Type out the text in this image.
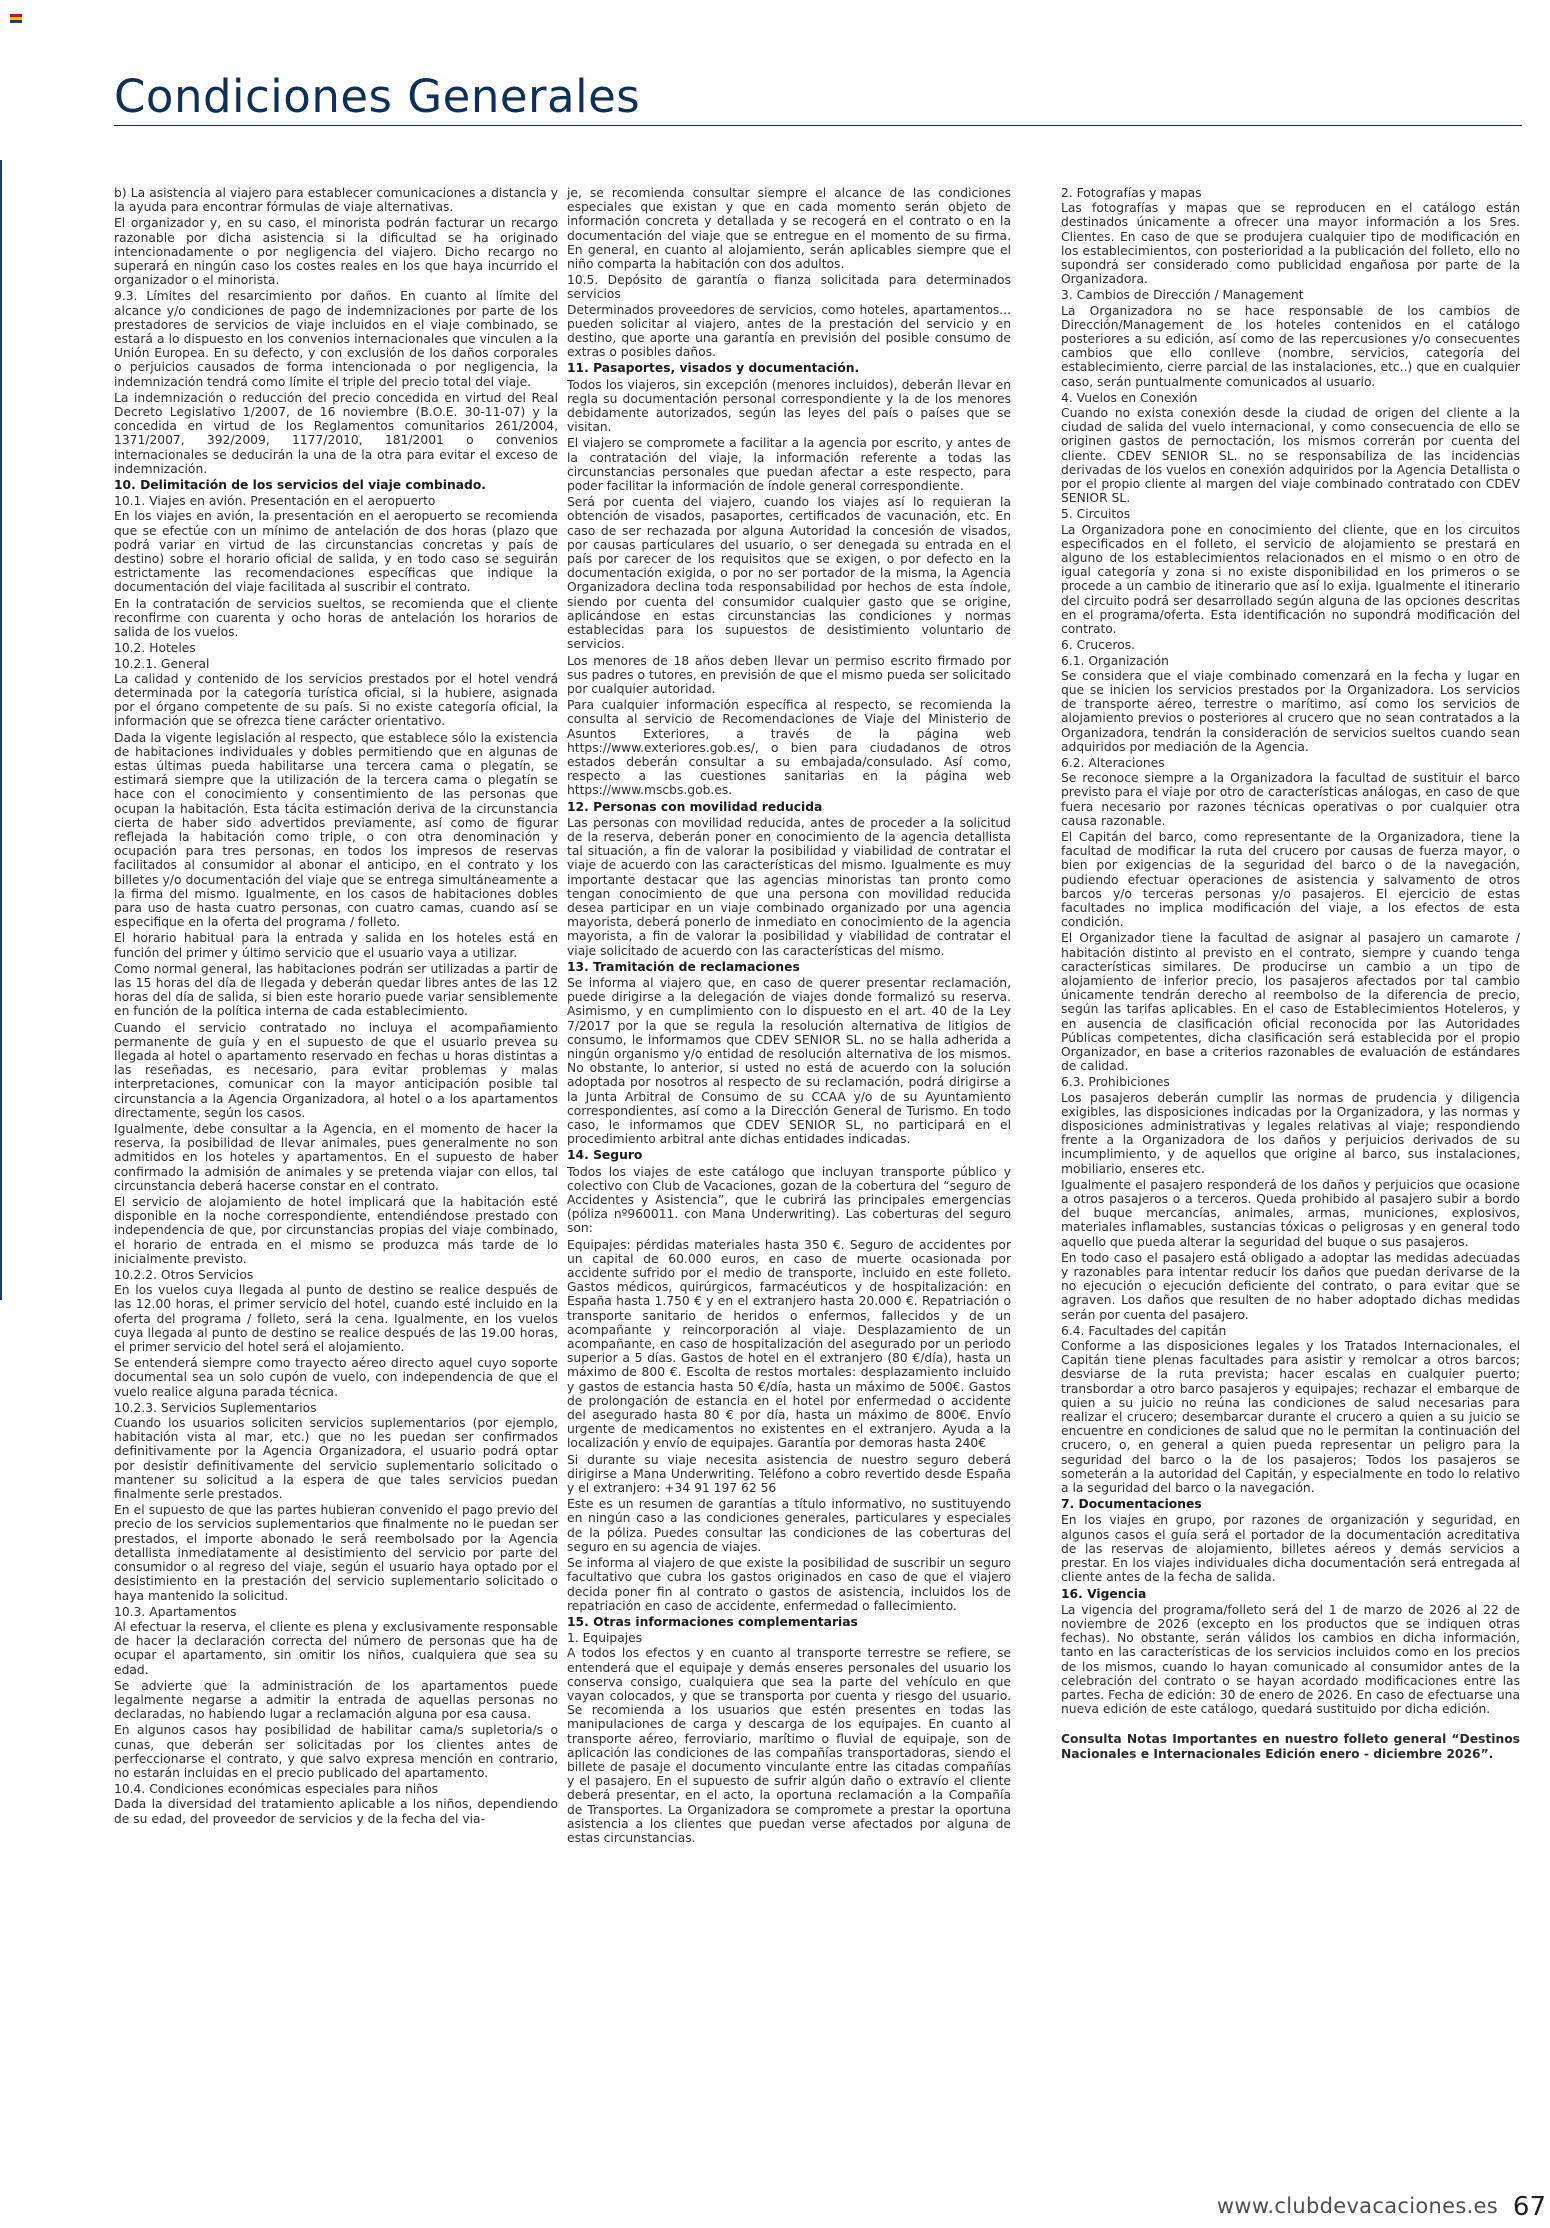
Condiciones Generales

b) La asistencia al viajero para establecer comunicaciones a distancia y la ayuda para encontrar fórmulas de viaje alternativas.

El organizador y, en su caso, el minorista podrán facturar un recargo razonable por dicha asistencia si la dificultad se ha originado intencionadamente o por negligencia del viajero. Dicho recargo no superará en ningún caso los costes reales en los que haya incurrido el organizador o el minorista.

9.3. Límites del resarcimiento por daños. En cuanto al límite del alcance y/o condiciones de pago de indemnizaciones por parte de los prestadores de servicios de viaje incluidos en el viaje combinado, se estará a lo dispuesto en los convenios internacionales que vinculen a la Unión Europea. En su defecto, y con exclusión de los daños corporales o perjuicios causados de forma intencionada o por negligencia, la indemnización tendrá como límite el triple del precio total del viaje.

La indemnización o reducción del precio concedida en virtud del Real Decreto Legislativo 1/2007, de 16 noviembre (B.O.E. 30-11-07) y la concedida en virtud de los Reglamentos comunitarios 261/2004, 1371/2007, 392/2009, 1177/2010, 181/2001 o convenios internacionales se deducirán la una de la otra para evitar el exceso de indemnización.

10. Delimitación de los servicios del viaje combinado.

10.1. Viajes en avión. Presentación en el aeropuerto

En los viajes en avión, la presentación en el aeropuerto se recomienda que se efectúe con un mínimo de antelación de dos horas (plazo que podrá variar en virtud de las circunstancias concretas y país de destino) sobre el horario oficial de salida, y en todo caso se seguirán estrictamente las recomendaciones específicas que indique la documentación del viaje facilitada al suscribir el contrato.

En la contratación de servicios sueltos, se recomienda que el cliente reconfirme con cuarenta y ocho horas de antelación los horarios de salida de los vuelos.

10.2. Hoteles

10.2.1. General

La calidad y contenido de los servicios prestados por el hotel vendrá determinada por la categoría turística oficial, si la hubiere, asignada por el órgano competente de su país. Si no existe categoría oficial, la información que se ofrezca tiene carácter orientativo.

Dada la vigente legislación al respecto, que establece sólo la existencia de habitaciones individuales y dobles permitiendo que en algunas de estas últimas pueda habilitarse una tercera cama o plegatín, se estimará siempre que la utilización de la tercera cama o plegatín se hace con el conocimiento y consentimiento de las personas que ocupan la habitación. Esta tácita estimación deriva de la circunstancia cierta de haber sido advertidos previamente, así como de figurar reflejada la habitación como triple, o con otra denominación y ocupación para tres personas, en todos los impresos de reservas facilitados al consumidor al abonar el anticipo, en el contrato y los billetes y/o documentación del viaje que se entrega simultáneamente a la firma del mismo. Igualmente, en los casos de habitaciones dobles para uso de hasta cuatro personas, con cuatro camas, cuando así se especifique en la oferta del programa / folleto.

El horario habitual para la entrada y salida en los hoteles está en función del primer y último servicio que el usuario vaya a utilizar.

Como normal general, las habitaciones podrán ser utilizadas a partir de las 15 horas del día de llegada y deberán quedar libres antes de las 12 horas del día de salida, si bien este horario puede variar sensiblemente en función de la política interna de cada establecimiento.

Cuando el servicio contratado no incluya el acompañamiento permanente de guía y en el supuesto de que el usuario prevea su llegada al hotel o apartamento reservado en fechas u horas distintas a las reseñadas, es necesario, para evitar problemas y malas interpretaciones, comunicar con la mayor anticipación posible tal circunstancia a la Agencia Organizadora, al hotel o a los apartamentos directamente, según los casos.

Igualmente, debe consultar a la Agencia, en el momento de hacer la reserva, la posibilidad de llevar animales, pues generalmente no son admitidos en los hoteles y apartamentos. En el supuesto de haber confirmado la admisión de animales y se pretenda viajar con ellos, tal circunstancia deberá hacerse constar en el contrato.

El servicio de alojamiento de hotel implicará que la habitación esté disponible en la noche correspondiente, entendiéndose prestado con independencia de que, por circunstancias propias del viaje combinado, el horario de entrada en el mismo se produzca más tarde de lo inicialmente previsto.

10.2.2. Otros Servicios

En los vuelos cuya llegada al punto de destino se realice después de las 12.00 horas, el primer servicio del hotel, cuando esté incluido en la oferta del programa / folleto, será la cena. Igualmente, en los vuelos cuya llegada al punto de destino se realice después de las 19.00 horas, el primer servicio del hotel será el alojamiento.

Se entenderá siempre como trayecto aéreo directo aquel cuyo soporte documental sea un solo cupón de vuelo, con independencia de que el vuelo realice alguna parada técnica.

10.2.3. Servicios Suplementarios

Cuando los usuarios soliciten servicios suplementarios (por ejemplo, habitación vista al mar, etc.) que no les puedan ser confirmados definitivamente por la Agencia Organizadora, el usuario podrá optar por desistir definitivamente del servicio suplementario solicitado o mantener su solicitud a la espera de que tales servicios puedan finalmente serle prestados.

En el supuesto de que las partes hubieran convenido el pago previo del precio de los servicios suplementarios que finalmente no le puedan ser prestados, el importe abonado le será reembolsado por la Agencia detallista inmediatamente al desistimiento del servicio por parte del consumidor o al regreso del viaje, según el usuario haya optado por el desistimiento en la prestación del servicio suplementario solicitado o haya mantenido la solicitud.

10.3. Apartamentos

Al efectuar la reserva, el cliente es plena y exclusivamente responsable de hacer la declaración correcta del número de personas que ha de ocupar el apartamento, sin omitir los niños, cualquiera que sea su edad.

Se advierte que la administración de los apartamentos puede legalmente negarse a admitir la entrada de aquellas personas no declaradas, no habiendo lugar a reclamación alguna por esa causa.

En algunos casos hay posibilidad de habilitar cama/s supletoria/s o cunas, que deberán ser solicitadas por los clientes antes de perfeccionarse el contrato, y que salvo expresa mención en contrario, no estarán incluidas en el precio publicado del apartamento.

10.4. Condiciones económicas especiales para niños

Dada la diversidad del tratamiento aplicable a los niños, dependiendo de su edad, del proveedor de servicios y de la fecha del via-

je, se recomienda consultar siempre el alcance de las condiciones especiales que existan y que en cada momento serán objeto de información concreta y detallada y se recogerá en el contrato o en la documentación del viaje que se entregue en el momento de su firma. En general, en cuanto al alojamiento, serán aplicables siempre que el niño comparta la habitación con dos adultos.

10.5. Depósito de garantía o fianza solicitada para determinados servicios

Determinados proveedores de servicios, como hoteles, apartamentos... pueden solicitar al viajero, antes de la prestación del servicio y en destino, que aporte una garantía en previsión del posible consumo de extras o posibles daños.

11. Pasaportes, visados y documentación.

Todos los viajeros, sin excepción (menores incluidos), deberán llevar en regla su documentación personal correspondiente y la de los menores debidamente autorizados, según las leyes del país o países que se visitan.

El viajero se compromete a facilitar a la agencia por escrito, y antes de la contratación del viaje, la información referente a todas las circunstancias personales que puedan afectar a este respecto, para poder facilitar la información de índole general correspondiente.

Será por cuenta del viajero, cuando los viajes así lo requieran la obtención de visados, pasaportes, certificados de vacunación, etc. En caso de ser rechazada por alguna Autoridad la concesión de visados, por causas particulares del usuario, o ser denegada su entrada en el país por carecer de los requisitos que se exigen, o por defecto en la documentación exigida, o por no ser portador de la misma, la Agencia Organizadora declina toda responsabilidad por hechos de esta índole, siendo por cuenta del consumidor cualquier gasto que se origine, aplicándose en estas circunstancias las condiciones y normas establecidas para los supuestos de desistimiento voluntario de servicios.

Los menores de 18 años deben llevar un permiso escrito firmado por sus padres o tutores, en previsión de que el mismo pueda ser solicitado por cualquier autoridad.

Para cualquier información específica al respecto, se recomienda la consulta al servicio de Recomendaciones de Viaje del Ministerio de Asuntos Exteriores, a través de la página web https://www.exteriores.gob.es/, o bien para ciudadanos de otros estados deberán consultar a su embajada/consulado. Así como, respecto a las cuestiones sanitarias en la página web https://www.mscbs.gob.es.

12. Personas con movilidad reducida

Las personas con movilidad reducida, antes de proceder a la solicitud de la reserva, deberán poner en conocimiento de la agencia detallista tal situación, a fin de valorar la posibilidad y viabilidad de contratar el viaje de acuerdo con las características del mismo. Igualmente es muy importante destacar que las agencias minoristas tan pronto como tengan conocimiento de que una persona con movilidad reducida desea participar en un viaje combinado organizado por una agencia mayorista, deberá ponerlo de inmediato en conocimiento de la agencia mayorista, a fin de valorar la posibilidad y viabilidad de contratar el viaje solicitado de acuerdo con las características del mismo.

13. Tramitación de reclamaciones

Se informa al viajero que, en caso de querer presentar reclamación, puede dirigirse a la delegación de viajes donde formalizó su reserva. Asimismo, y en cumplimiento con lo dispuesto en el art. 40 de la Ley 7/2017 por la que se regula la resolución alternativa de litigios de consumo, le informamos que CDEV SENIOR SL. no se halla adherida a ningún organismo y/o entidad de resolución alternativa de los mismos. No obstante, lo anterior, si usted no está de acuerdo con la solución adoptada por nosotros al respecto de su reclamación, podrá dirigirse a la Junta Arbitral de Consumo de su CCAA y/o de su Ayuntamiento correspondientes, así como a la Dirección General de Turismo. En todo caso, le informamos que CDEV SENIOR SL, no participará en el procedimiento arbitral ante dichas entidades indicadas.

14. Seguro

Todos los viajes de este catálogo que incluyan transporte público y colectivo con Club de Vacaciones, gozan de la cobertura del “seguro de Accidentes y Asistencia”, que le cubrirá las principales emergencias (póliza nº960011. con Mana Underwriting). Las coberturas del seguro son:

Equipajes: pérdidas materiales hasta 350 €. Seguro de accidentes por un capital de 60.000 euros, en caso de muerte ocasionada por accidente sufrido por el medio de transporte, incluido en este folleto. Gastos médicos, quirúrgicos, farmacéuticos y de hospitalización: en España hasta 1.750 € y en el extranjero hasta 20.000 €. Repatriación o transporte sanitario de heridos o enfermos, fallecidos y de un acompañante y reincorporación al viaje. Desplazamiento de un acompañante, en caso de hospitalización del asegurado por un periodo superior a 5 días. Gastos de hotel en el extranjero (80 €/día), hasta un máximo de 800 €. Escolta de restos mortales: desplazamiento incluido y gastos de estancia hasta 50 €/día, hasta un máximo de 500€. Gastos de prolongación de estancia en el hotel por enfermedad o accidente del asegurado hasta 80 € por día, hasta un máximo de 800€. Envío urgente de medicamentos no existentes en el extranjero. Ayuda a la localización y envío de equipajes. Garantía por demoras hasta 240€

Si durante su viaje necesita asistencia de nuestro seguro deberá dirigirse a Mana Underwriting. Teléfono a cobro revertido desde España y el extranjero: +34 91 197 62 56

Este es un resumen de garantías a título informativo, no sustituyendo en ningún caso a las condiciones generales, particulares y especiales de la póliza. Puedes consultar las condiciones de las coberturas del seguro en su agencia de viajes.

Se informa al viajero de que existe la posibilidad de suscribir un seguro facultativo que cubra los gastos originados en caso de que el viajero decida poner fin al contrato o gastos de asistencia, incluidos los de repatriación en caso de accidente, enfermedad o fallecimiento.

15. Otras informaciones complementarias

1. Equipajes

A todos los efectos y en cuanto al transporte terrestre se refiere, se entenderá que el equipaje y demás enseres personales del usuario los conserva consigo, cualquiera que sea la parte del vehículo en que vayan colocados, y que se transporta por cuenta y riesgo del usuario. Se recomienda a los usuarios que estén presentes en todas las manipulaciones de carga y descarga de los equipajes. En cuanto al transporte aéreo, ferroviario, marítimo o fluvial de equipaje, son de aplicación las condiciones de las compañías transportadoras, siendo el billete de pasaje el documento vinculante entre las citadas compañías y el pasajero. En el supuesto de sufrir algún daño o extravío el cliente deberá presentar, en el acto, la oportuna reclamación a la Compañía de Transportes. La Organizadora se compromete a prestar la oportuna asistencia a los clientes que puedan verse afectados por alguna de estas circunstancias.

2. Fotografías y mapas

Las fotografías y mapas que se reproducen en el catálogo están destinados únicamente a ofrecer una mayor información a los Sres. Clientes. En caso de que se produjera cualquier tipo de modificación en los establecimientos, con posterioridad a la publicación del folleto, ello no supondrá ser considerado como publicidad engañosa por parte de la Organizadora.

3. Cambios de Dirección / Management

La Organizadora no se hace responsable de los cambios de Dirección/Management de los hoteles contenidos en el catálogo posteriores a su edición, así como de las repercusiones y/o consecuentes cambios que ello conlleve (nombre, servicios, categoría del establecimiento, cierre parcial de las instalaciones, etc..) que en cualquier caso, serán puntualmente comunicados al usuario.

4. Vuelos en Conexión

Cuando no exista conexión desde la ciudad de origen del cliente a la ciudad de salida del vuelo internacional, y como consecuencia de ello se originen gastos de pernoctación, los mismos correrán por cuenta del cliente. CDEV SENIOR SL. no se responsabiliza de las incidencias derivadas de los vuelos en conexión adquiridos por la Agencia Detallista o por el propio cliente al margen del viaje combinado contratado con CDEV SENIOR SL.

5. Circuitos

La Organizadora pone en conocimiento del cliente, que en los circuitos especificados en el folleto, el servicio de alojamiento se prestará en alguno de los establecimientos relacionados en el mismo o en otro de igual categoría y zona si no existe disponibilidad en los primeros o se procede a un cambio de itinerario que así lo exija. Igualmente el itinerario del circuito podrá ser desarrollado según alguna de las opciones descritas en el programa/oferta. Esta identificación no supondrá modificación del contrato.

6. Cruceros.

6.1. Organización

Se considera que el viaje combinado comenzará en la fecha y lugar en que se inicien los servicios prestados por la Organizadora. Los servicios de transporte aéreo, terrestre o marítimo, así como los servicios de alojamiento previos o posteriores al crucero que no sean contratados a la Organizadora, tendrán la consideración de servicios sueltos cuando sean adquiridos por mediación de la Agencia.

6.2. Alteraciones

Se reconoce siempre a la Organizadora la facultad de sustituir el barco previsto para el viaje por otro de características análogas, en caso de que fuera necesario por razones técnicas operativas o por cualquier otra causa razonable.

El Capitán del barco, como representante de la Organizadora, tiene la facultad de modificar la ruta del crucero por causas de fuerza mayor, o bien por exigencias de la seguridad del barco o de la navegación, pudiendo efectuar operaciones de asistencia y salvamento de otros barcos y/o terceras personas y/o pasajeros. El ejercicio de estas facultades no implica modificación del viaje, a los efectos de esta condición.

El Organizador tiene la facultad de asignar al pasajero un camarote / habitación distinto al previsto en el contrato, siempre y cuando tenga características similares. De producirse un cambio a un tipo de alojamiento de inferior precio, los pasajeros afectados por tal cambio únicamente tendrán derecho al reembolso de la diferencia de precio, según las tarifas aplicables. En el caso de Establecimientos Hoteleros, y en ausencia de clasificación oficial reconocida por las Autoridades Públicas competentes, dicha clasificación será establecida por el propio Organizador, en base a criterios razonables de evaluación de estándares de calidad.

6.3. Prohibiciones

Los pasajeros deberán cumplir las normas de prudencia y diligencia exigibles, las disposiciones indicadas por la Organizadora, y las normas y disposiciones administrativas y legales relativas al viaje; respondiendo frente a la Organizadora de los daños y perjuicios derivados de su incumplimiento, y de aquellos que origine al barco, sus instalaciones, mobiliario, enseres etc.

Igualmente el pasajero responderá de los daños y perjuicios que ocasione a otros pasajeros o a terceros. Queda prohibido al pasajero subir a bordo del buque mercancías, animales, armas, municiones, explosivos, materiales inflamables, sustancias tóxicas o peligrosas y en general todo aquello que pueda alterar la seguridad del buque o sus pasajeros.

En todo caso el pasajero está obligado a adoptar las medidas adecuadas y razonables para intentar reducir los daños que puedan derivarse de la no ejecución o ejecución deficiente del contrato, o para evitar que se agraven. Los daños que resulten de no haber adoptado dichas medidas serán por cuenta del pasajero.

6.4. Facultades del capitán

Conforme a las disposiciones legales y los Tratados Internacionales, el Capitán tiene plenas facultades para asistir y remolcar a otros barcos; desviarse de la ruta prevista; hacer escalas en cualquier puerto; transbordar a otro barco pasajeros y equipajes; rechazar el embarque de quien a su juicio no reúna las condiciones de salud necesarias para realizar el crucero; desembarcar durante el crucero a quien a su juicio se encuentre en condiciones de salud que no le permitan la continuación del crucero, o, en general a quien pueda representar un peligro para la seguridad del barco o la de los pasajeros; Todos los pasajeros se someterán a la autoridad del Capitán, y especialmente en todo lo relativo a la seguridad del barco o la navegación.

7. Documentaciones

En los viajes en grupo, por razones de organización y seguridad, en algunos casos el guía será el portador de la documentación acreditativa de las reservas de alojamiento, billetes aéreos y demás servicios a prestar. En los viajes individuales dicha documentación será entregada al cliente antes de la fecha de salida.

16. Vigencia

La vigencia del programa/folleto será del 1 de marzo de 2026 al 22 de noviembre de 2026 (excepto en los productos que se indiquen otras fechas). No obstante, serán válidos los cambios en dicha información, tanto en las características de los servicios incluidos como en los precios de los mismos, cuando lo hayan comunicado al consumidor antes de la celebración del contrato o se hayan acordado modificaciones entre las partes. Fecha de edición: 30 de enero de 2026. En caso de efectuarse una nueva edición de este catálogo, quedará sustituido por dicha edición.

Consulta Notas Importantes en nuestro folleto general “Destinos Nacionales e Internacionales Edición enero - diciembre 2026”.

www.clubdevacaciones.es 67
